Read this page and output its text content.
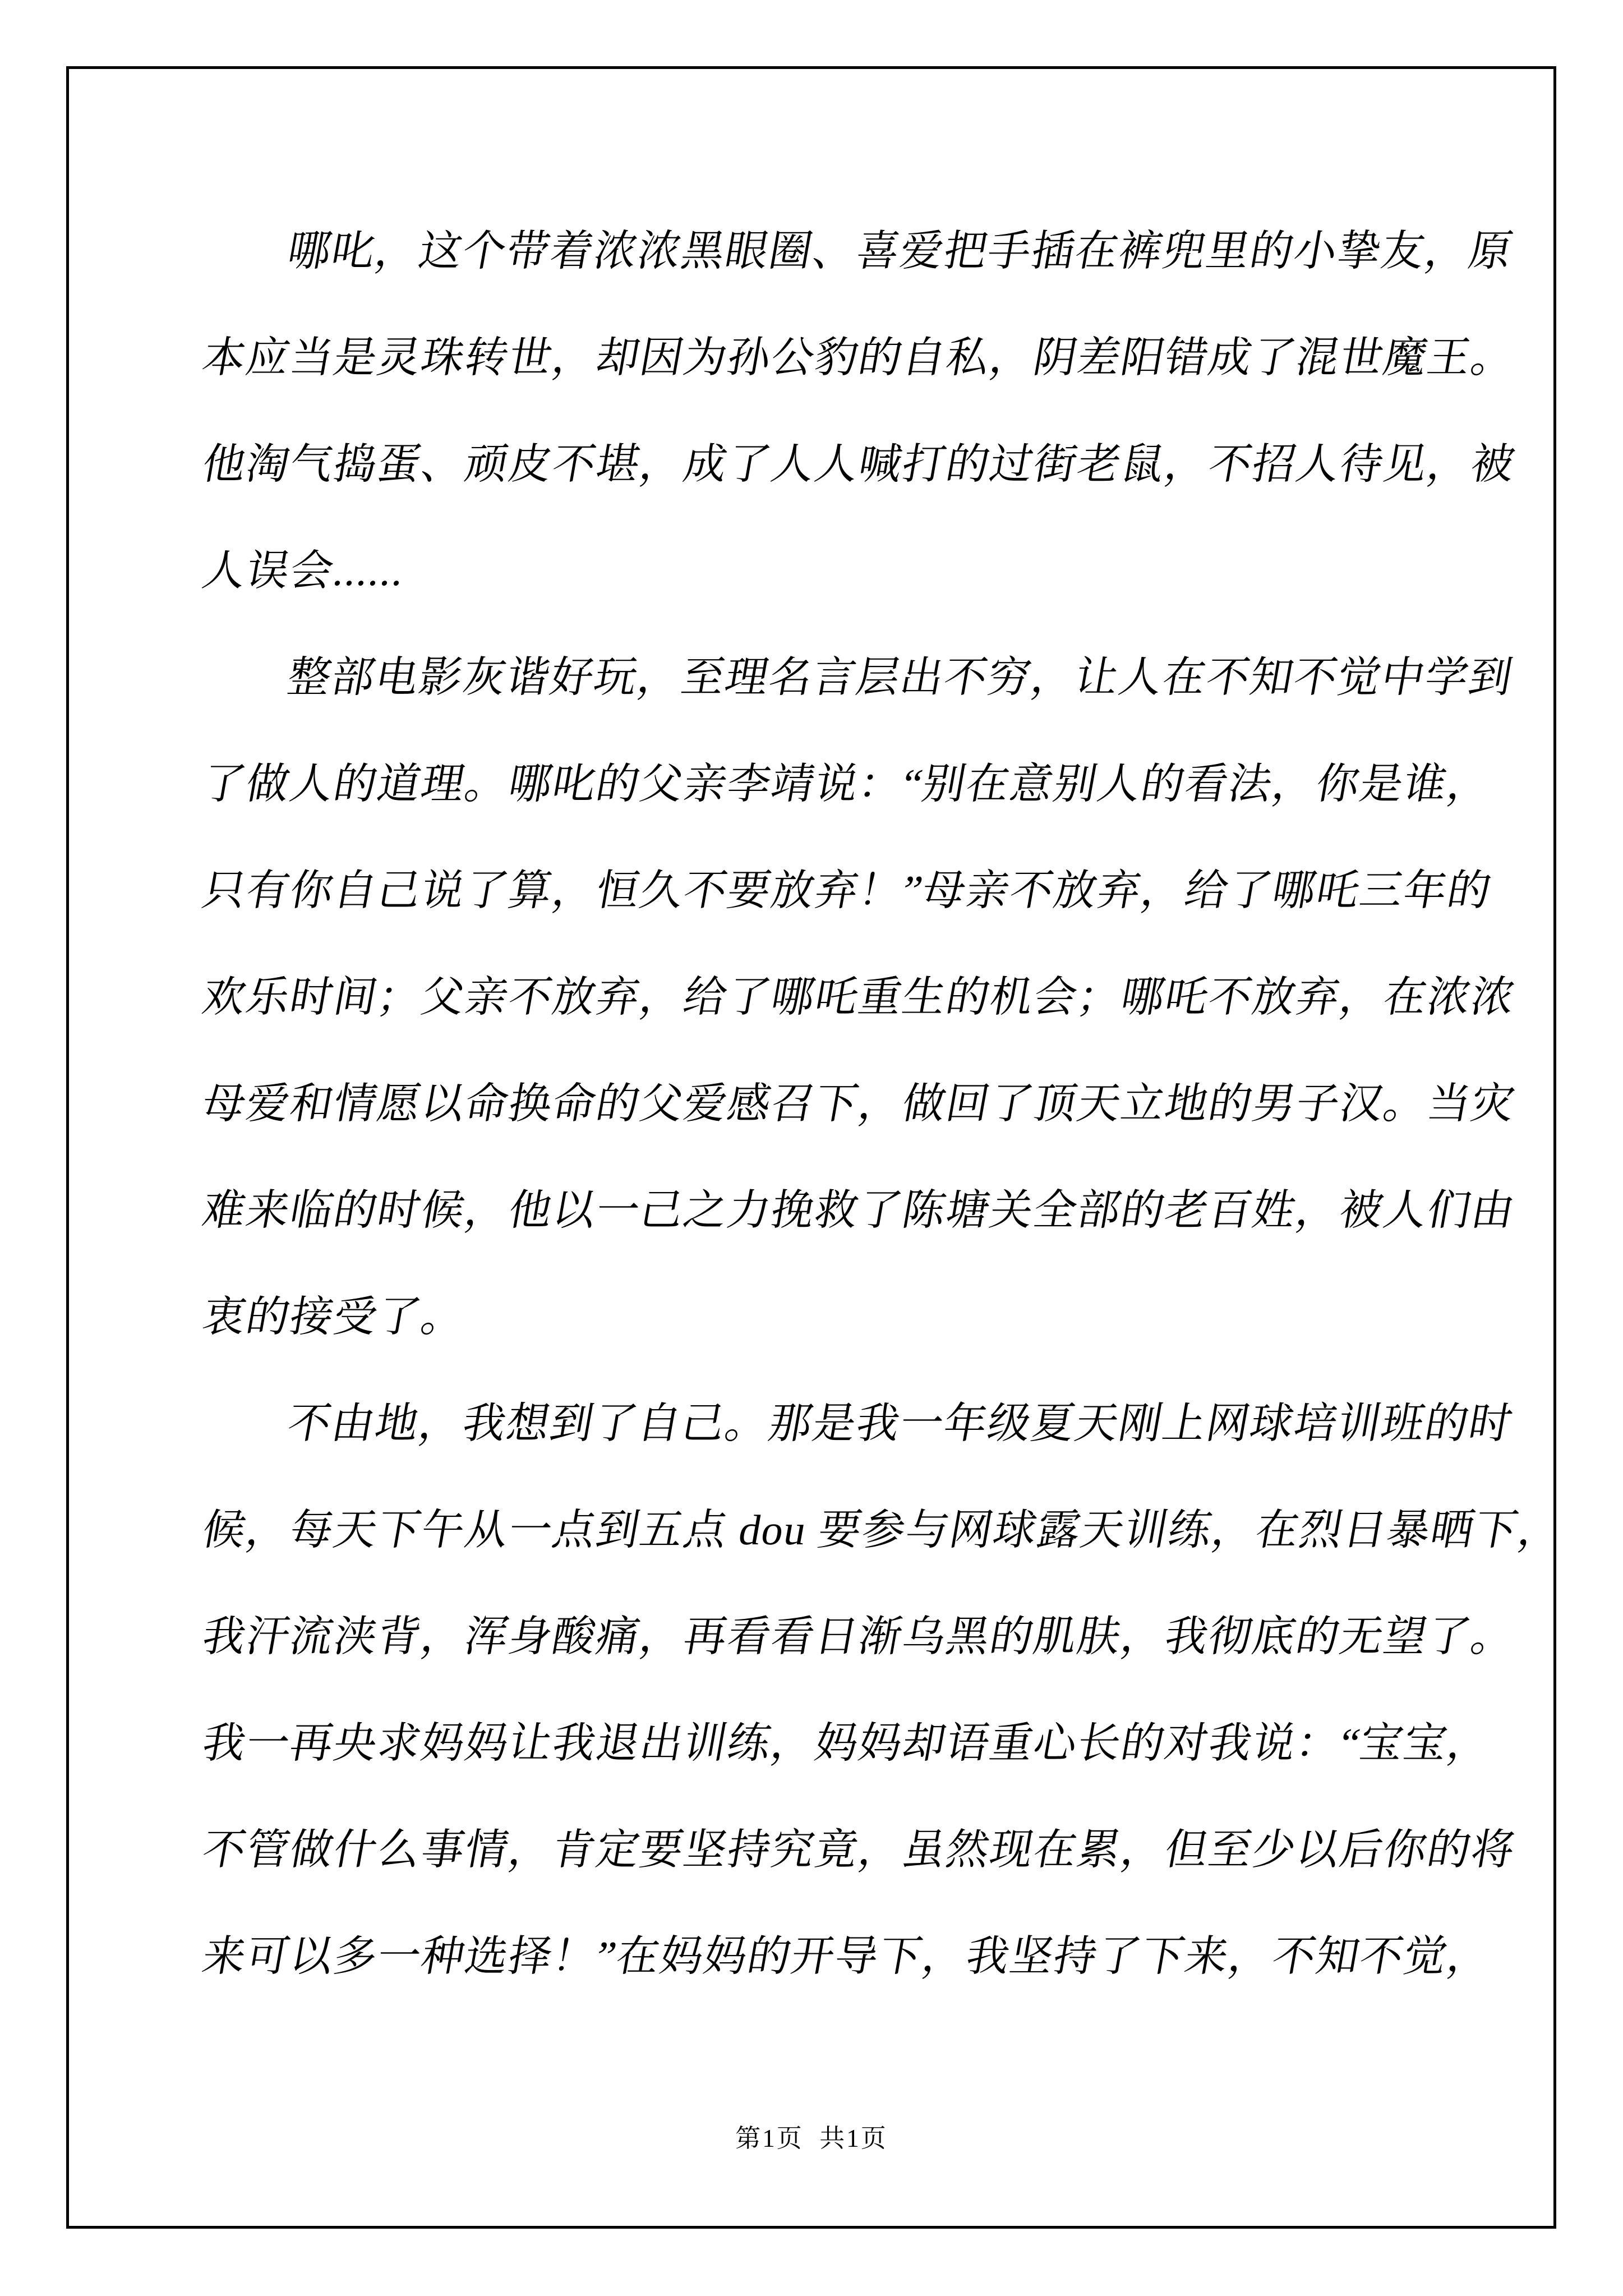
哪叱，这个带着浓浓黑眼圈、喜爱把手插在裤兜里的小挚友，原
本应当是灵珠转世，却因为孙公豹的自私，阴差阳错成了混世魔王。
他淘气捣蛋、顽皮不堪，成了人人喊打的过街老鼠，不招人待见，被
人误会......
整部电影灰谐好玩，至理名言层出不穷，让人在不知不觉中学到
了做人的道理。哪叱的父亲李靖说：“别在意别人的看法，你是谁，
只有你自己说了算，恒久不要放弃！”母亲不放弃，给了哪吒三年的
欢乐时间；父亲不放弃，给了哪吒重生的机会；哪吒不放弃，在浓浓
母爱和情愿以命换命的父爱感召下，做回了顶天立地的男子汉。当灾
难来临的时候，他以一己之力挽救了陈塘关全部的老百姓，被人们由
衷的接受了。
不由地，我想到了自己。那是我一年级夏天刚上网球培训班的时
候，每天下午从一点到五点 dou 要参与网球露天训练，在烈日暴晒下，
我汗流浃背，浑身酸痛，再看看日渐乌黑的肌肤，我彻底的无望了。
我一再央求妈妈让我退出训练，妈妈却语重心长的对我说：“宝宝，
不管做什么事情，肯定要坚持究竟，虽然现在累，但至少以后你的将
来可以多一种选择！”在妈妈的开导下，我坚持了下来，不知不觉，
第1页  共1页
